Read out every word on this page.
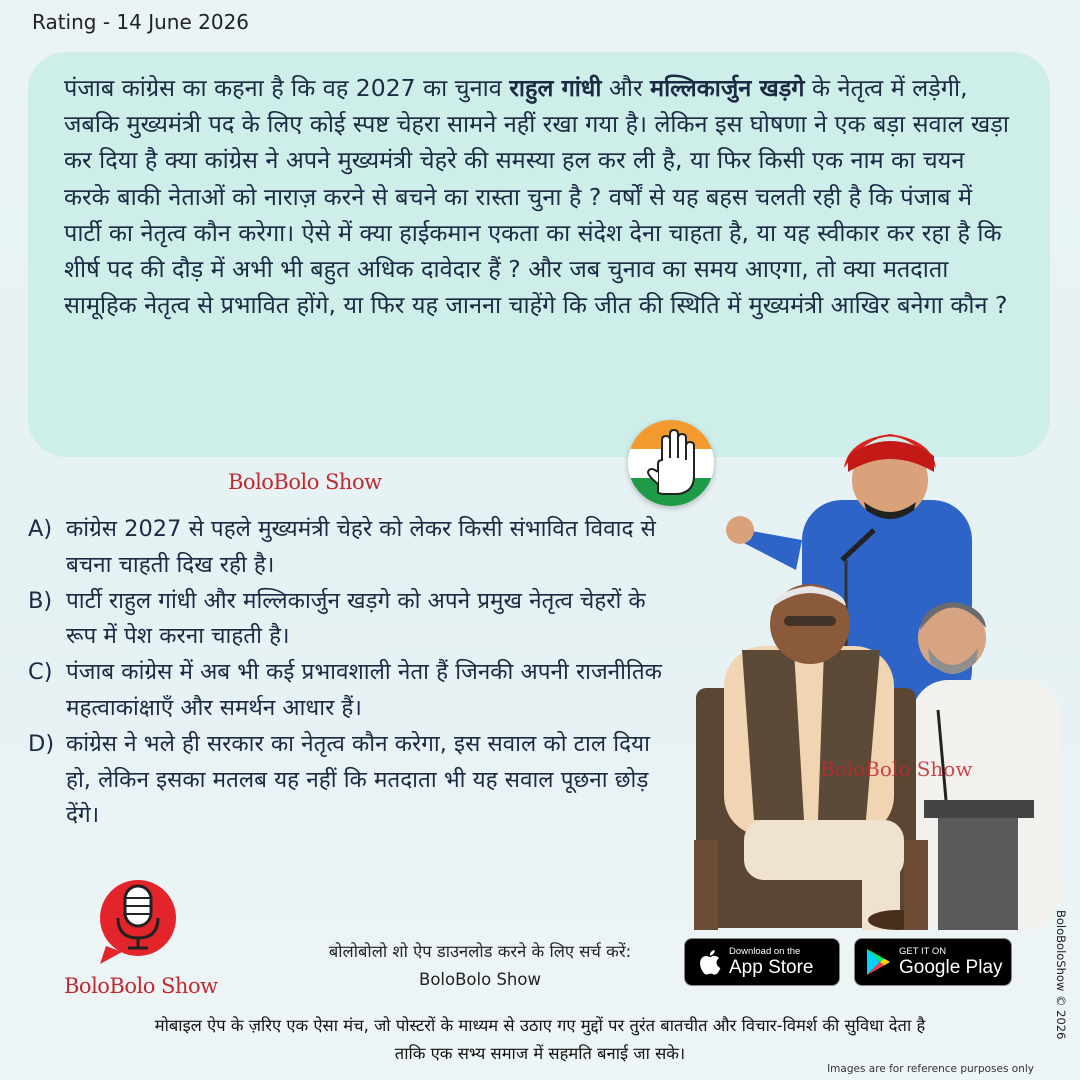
Rating - 14 June 2026

पंजाब कांग्रेस का कहना है कि वह 2027 का चुनाव राहुल गांधी और मल्लिकार्जुन खड़गे के नेतृत्व में लड़ेगी, जबकि मुख्यमंत्री पद के लिए कोई स्पष्ट चेहरा सामने नहीं रखा गया है। लेकिन इस घोषणा ने एक बड़ा सवाल खड़ा कर दिया है क्या कांग्रेस ने अपने मुख्यमंत्री चेहरे की समस्या हल कर ली है, या फिर किसी एक नाम का चयन करके बाकी नेताओं को नाराज़ करने से बचने का रास्ता चुना है ? वर्षों से यह बहस चलती रही है कि पंजाब में पार्टी का नेतृत्व कौन करेगा। ऐसे में क्या हाईकमान एकता का संदेश देना चाहता है, या यह स्वीकार कर रहा है कि शीर्ष पद की दौड़ में अभी भी बहुत अधिक दावेदार हैं ? और जब चुनाव का समय आएगा, तो क्या मतदाता सामूहिक नेतृत्व से प्रभावित होंगे, या फिर यह जानना चाहेंगे कि जीत की स्थिति में मुख्यमंत्री आखिर बनेगा कौन ?

BoloBolo Show
A) कांग्रेस 2027 से पहले मुख्यमंत्री चेहरे को लेकर किसी संभावित विवाद से बचना चाहती दिख रही है।
B) पार्टी राहुल गांधी और मल्लिकार्जुन खड़गे को अपने प्रमुख नेतृत्व चेहरों के रूप में पेश करना चाहती है।
C) पंजाब कांग्रेस में अब भी कई प्रभावशाली नेता हैं जिनकी अपनी राजनीतिक महत्वाकांक्षाएँ और समर्थन आधार हैं।
D) कांग्रेस ने भले ही सरकार का नेतृत्व कौन करेगा, इस सवाल को टाल दिया हो, लेकिन इसका मतलब यह नहीं कि मतदाता भी यह सवाल पूछना छोड़ देंगे।
BoloBolo Show
BoloBolo Show
बोलोबोलो शो ऐप डाउनलोड करने के लिए सर्च करें:
BoloBolo Show
Download on the
App Store
GET IT ON
Google Play
मोबाइल ऐप के ज़रिए एक ऐसा मंच, जो पोस्टरों के माध्यम से उठाए गए मुद्दों पर तुरंत बातचीत और विचार-विमर्श की सुविधा देता है
ताकि एक सभ्य समाज में सहमति बनाई जा सके।
Images are for reference purposes only
BoloBoloShow © 2026
